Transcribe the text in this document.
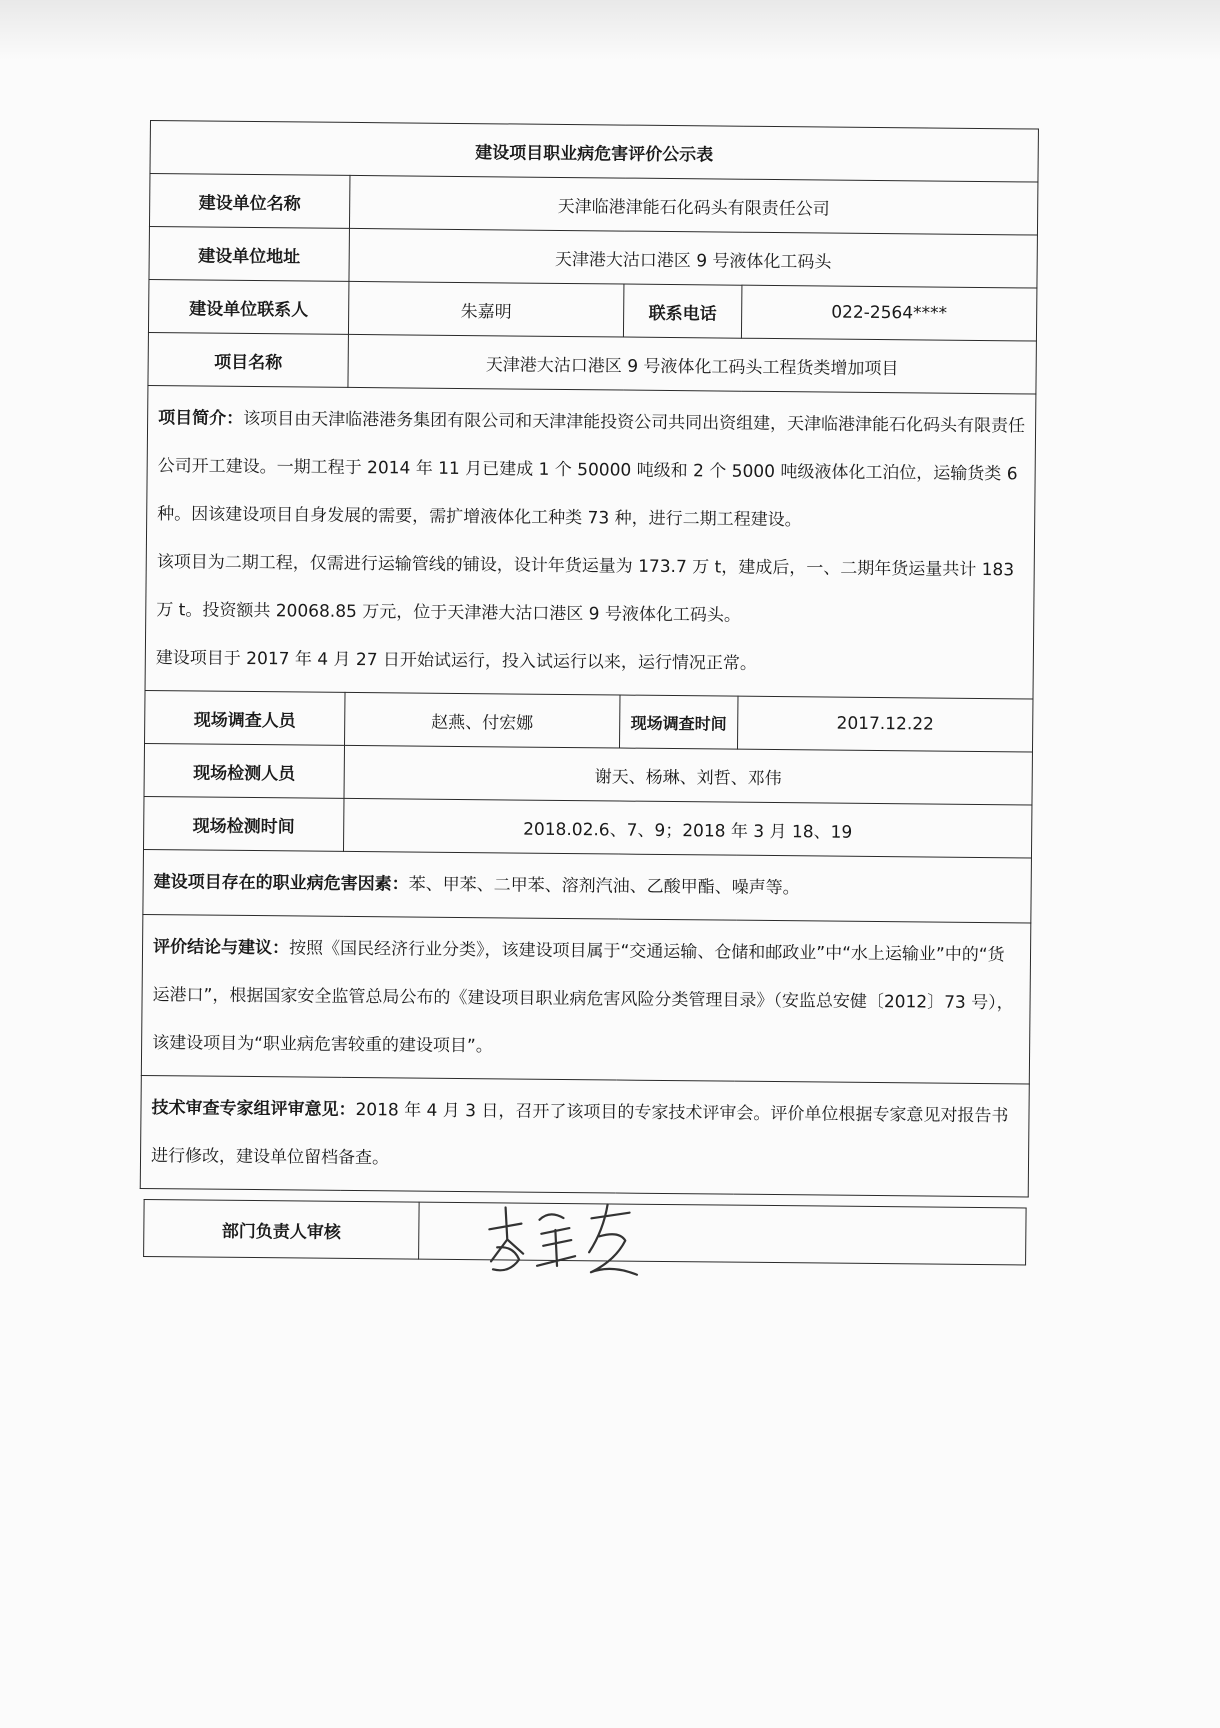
建设项目职业病危害评价公示表			
建设单位名称	天津临港津能石化码头有限责任公司		
建设单位地址	天津港大沽口港区 9 号液体化工码头		
建设单位联系人	朱嘉明	联系电话	022-2564****
项目名称	天津港大沽口港区 9 号液体化工码头工程货类增加项目		
项目简介：该项目由天津临港港务集团有限公司和天津津能投资公司共同出资组建，天津临港津能石化码头有限责任公司开工建设。一期工程于 2014 年 11 月已建成 1 个 50000 吨级和 2 个 5000 吨级液体化工泊位，运输货类 6 种。因该建设项目自身发展的需要，需扩增液体化工种类 73 种，进行二期工程建设。
该项目为二期工程，仅需进行运输管线的铺设，设计年货运量为 173.7 万 t，建成后，一、二期年货运量共计 183 万 t。投资额共 20068.85 万元，位于天津港大沽口港区 9 号液体化工码头。
建设项目于 2017 年 4 月 27 日开始试运行，投入试运行以来，运行情况正常。			
现场调查人员	赵燕、付宏娜	现场调查时间	2017.12.22
现场检测人员	谢天、杨琳、刘哲、邓伟		
现场检测时间	2018.02.6、7、9；2018 年 3 月 18、19		
建设项目存在的职业病危害因素：苯、甲苯、二甲苯、溶剂汽油、乙酸甲酯、噪声等。			
评价结论与建议：按照《国民经济行业分类》，该建设项目属于“交通运输、仓储和邮政业”中“水上运输业”中的“货运港口”，根据国家安全监管总局公布的《建设项目职业病危害风险分类管理目录》（安监总安健〔2012〕73 号），该建设项目为“职业病危害较重的建设项目”。			
技术审查专家组评审意见：2018 年 4 月 3 日，召开了该项目的专家技术评审会。评价单位根据专家意见对报告书进行修改，建设单位留档备查。			
部门负责人审核	
